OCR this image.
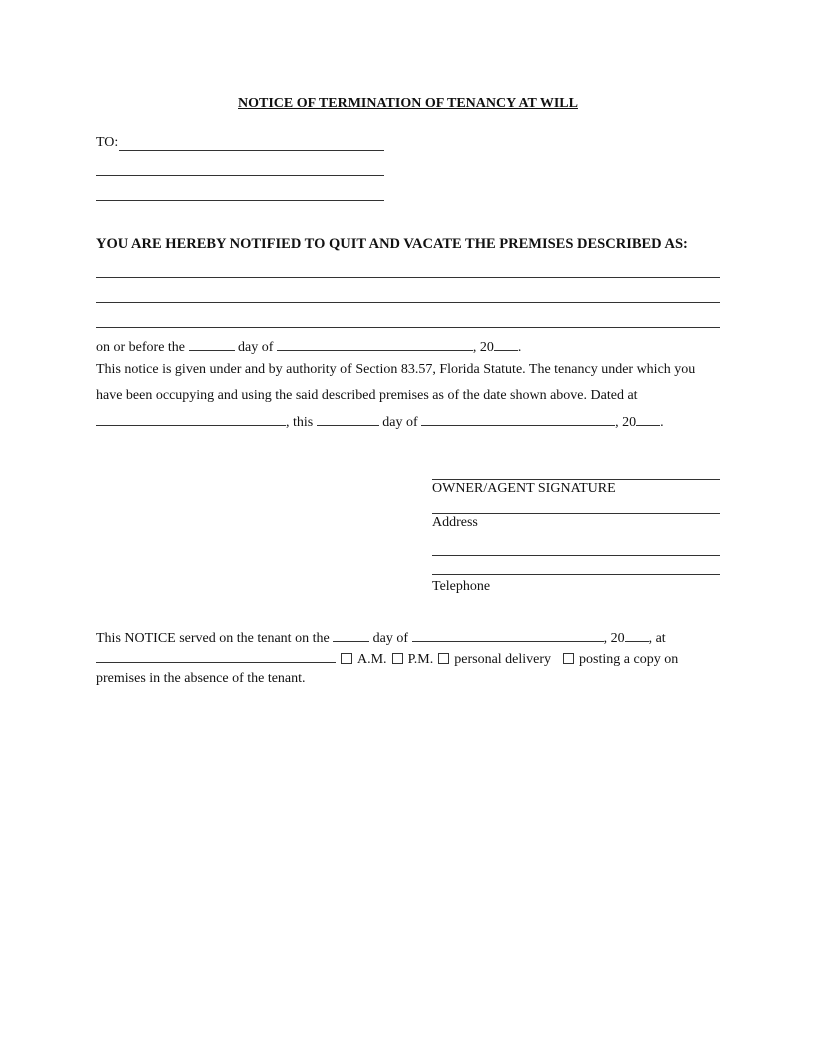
NOTICE OF TERMINATION OF TENANCY AT WILL
TO:
YOU ARE HEREBY NOTIFIED TO QUIT AND VACATE THE PREMISES DESCRIBED AS:
on or before the	day of	, 20 .
This notice is given under and by authority of Section 83.57, Florida Statute. The tenancy under which you
have been occupying and using the said described premises as of the date shown above. Dated at
, this	day of	, 20 .
OWNER/AGENT SIGNATURE
Address
Telephone
This NOTICE served on the tenant on the	day of	, 20 , at
A.M. P.M. personal delivery posting a copy on
premises in the absence of the tenant.
